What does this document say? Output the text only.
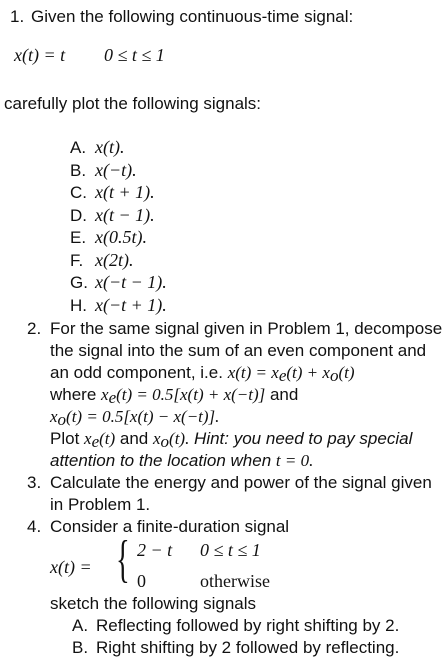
1. Given the following continuous-time signal:
x(t) = t 0 ≤ t ≤ 1
carefully plot the following signals:
A. x(t).
B. x(−t).
C. x(t + 1).
D. x(t − 1).
E. x(0.5t).
F. x(2t).
G. x(−t − 1).
H. x(−t + 1).
2. For the same signal given in Problem 1, decompose
the signal into the sum of an even component and
an odd component, i.e. $x(t) = x_e(t) + x_o(t)$
where $x_e(t) = 0.5[x(t) + x(-t)]$ and
$x_o(t) = 0.5[x(t) - x(-t)]$.
Plot $x_e(t)$ and $x_o(t)$. Hint: you need to pay special
attention to the location when t = 0.
3. Calculate the energy and power of the signal given
in Problem 1.
4. Consider a finite-duration signal
x(t) = { 2 − t 0 ≤ t ≤ 1
0	otherwise
sketch the following signals
A. Reflecting followed by right shifting by 2.
B. Right shifting by 2 followed by reflecting.
